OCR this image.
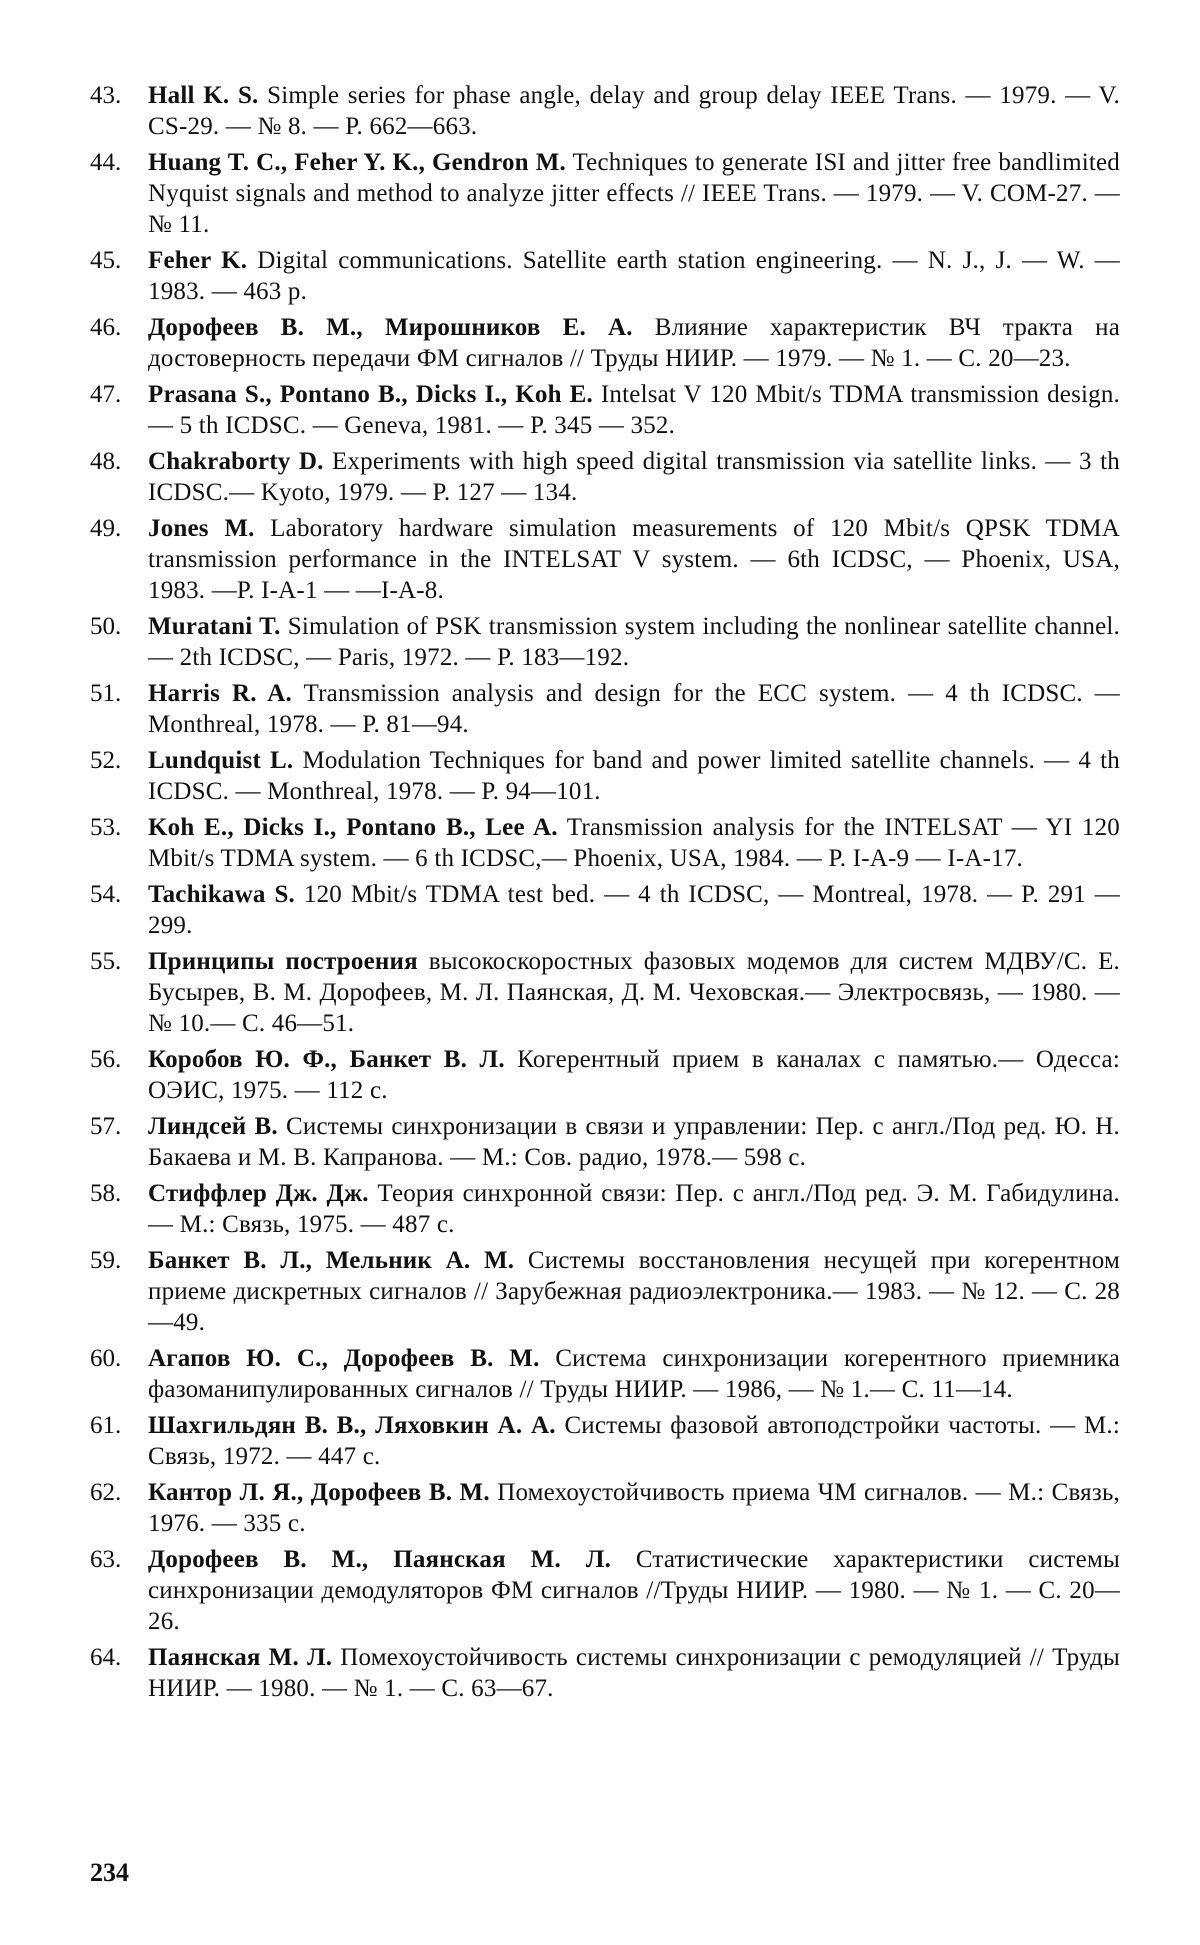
43.	Hall K. S. Simple series for phase angle, delay and group delay IEEE Trans. — 1979. — V. CS-29. — № 8. — P. 662—663.
44.	Huang T. C., Feher Y. K., Gendron M. Techniques to generate ISI and jitter free bandlimited Nyquist signals and method to analyze jitter effects // IEEE Trans. — 1979. — V. COM-27. — № 11.
45.	Feher K. Digital communications. Satellite earth station engineering. — N. J., J. — W. — 1983. — 463 p.
46.	Дорофеев В. М., Мирошников Е. А. Влияние характеристик ВЧ тракта на достоверность передачи ФМ сигналов // Труды НИИР. — 1979. — № 1. — С. 20—23.
47.	Prasana S., Pontano B., Dicks I., Koh E. Intelsat V 120 Mbit/s TDMA transmission design.— 5 th ICDSC. — Geneva, 1981. — P. 345 — 352.
48.	Chakraborty D. Experiments with high speed digital transmission via satellite links. — 3 th ICDSC.— Kyoto, 1979. — P. 127 — 134.
49.	Jones M. Laboratory hardware simulation measurements of 120 Mbit/s QPSK TDMA transmission performance in the INTELSAT V system. — 6th ICDSC, — Phoenix, USA, 1983. —P. I-A-1 — —I-A-8.
50.	Muratani T. Simulation of PSK transmission system including the nonlinear satellite channel. — 2th ICDSC, — Paris, 1972. — P. 183—192.
51.	Harris R. A. Transmission analysis and design for the ECC system. — 4 th ICDSC. — Monthreal, 1978. — P. 81—94.
52.	Lundquist L. Modulation Techniques for band and power limited satellite channels. — 4 th ICDSC. — Monthreal, 1978. — P. 94—101.
53.	Koh E., Dicks I., Pontano B., Lee A. Transmission analysis for the INTELSAT — YI 120 Mbit/s TDMA system. — 6 th ICDSC,— Phoenix, USA, 1984. — P. I-A-9 — I-A-17.
54.	Tachikawa S. 120 Mbit/s TDMA test bed. — 4 th ICDSC, — Montreal, 1978. — P. 291 — 299.
55.	Принципы построения высокоскоростных фазовых модемов для систем МДВУ/С. Е. Бусырев, В. М. Дорофеев, М. Л. Паянская, Д. М. Чеховская.— Электросвязь, — 1980. — № 10.— С. 46—51.
56.	Коробов Ю. Ф., Банкет В. Л. Когерентный прием в каналах с памятью.— Одесса: ОЭИС, 1975. — 112 с.
57.	Линдсей В. Системы синхронизации в связи и управлении: Пер. с англ./Под ред. Ю. Н. Бакаева и М. В. Капранова. — М.: Сов. радио, 1978.— 598 с.
58.	Стиффлер Дж. Дж. Теория синхронной связи: Пер. с англ./Под ред. Э. М. Габидулина. — М.: Связь, 1975. — 487 с.
59.	Банкет В. Л., Мельник А. М. Системы восстановления несущей при когерентном приеме дискретных сигналов // Зарубежная радиоэлектроника.— 1983. — № 12. — С. 28—49.
60.	Агапов Ю. С., Дорофеев В. М. Система синхронизации когерентного приемника фазоманипулированных сигналов // Труды НИИР. — 1986, — № 1.— С. 11—14.
61.	Шахгильдян В. В., Ляховкин А. А. Системы фазовой автоподстройки частоты. — М.: Связь, 1972. — 447 с.
62.	Кантор Л. Я., Дорофеев В. М. Помехоустойчивость приема ЧМ сигналов. — М.: Связь, 1976. — 335 с.
63.	Дорофеев В. М., Паянская М. Л. Статистические характеристики системы синхронизации демодуляторов ФМ сигналов //Труды НИИР. — 1980. — № 1. — С. 20—26.
64.	Паянская М. Л. Помехоустойчивость системы синхронизации с ремодуляцией // Труды НИИР. — 1980. — № 1. — С. 63—67.
234
